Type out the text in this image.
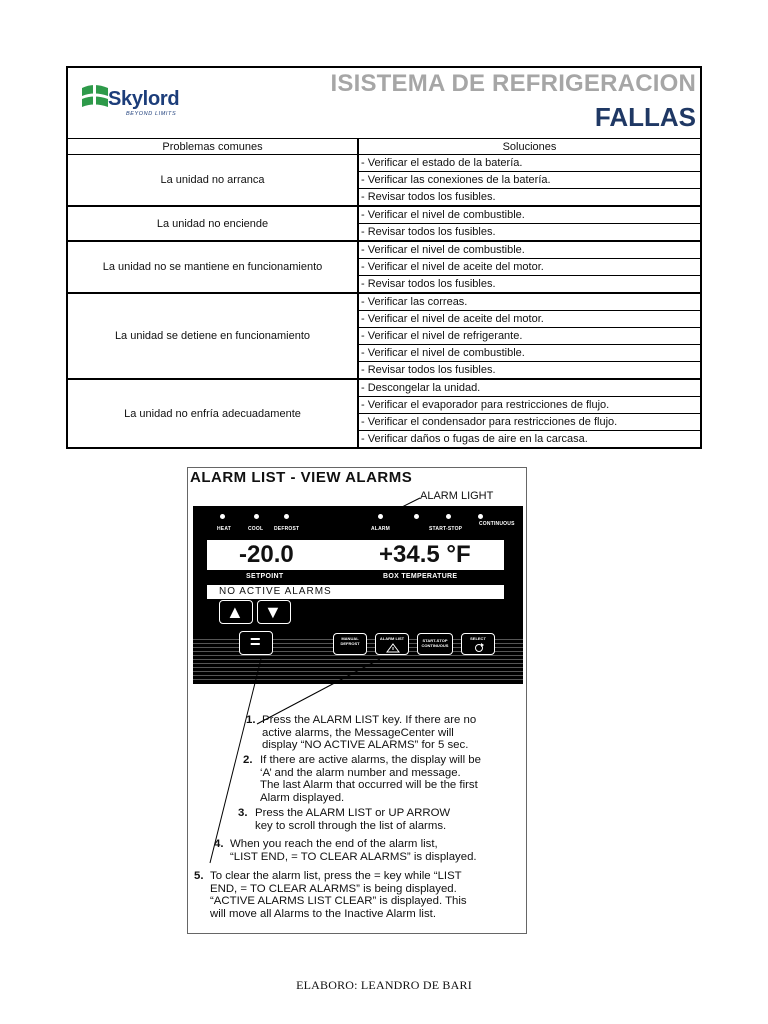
Skylord
BEYOND LIMITS
ISISTEMA DE REFRIGERACION
FALLAS
Problemas comunes	Soluciones
La unidad no arranca	- Verificar el estado de la batería.
- Verificar las conexiones de la batería.
- Revisar todos los fusibles.

La unidad no enciende	- Verificar el nivel de combustible.
- Revisar todos los fusibles.

La unidad no se mantiene en funcionamiento	- Verificar el nivel de combustible.
- Verificar el nivel de aceite del motor.
- Revisar todos los fusibles.

La unidad se detiene en funcionamiento	- Verificar las correas.
- Verificar el nivel de aceite del motor.
- Verificar el nivel de refrigerante.
- Verificar el nivel de combustible.
- Revisar todos los fusibles.

La unidad no enfría adecuadamente	- Descongelar la unidad.
- Verificar el evaporador para restricciones de flujo.
- Verificar el condensador para restricciones de flujo.
- Verificar daños o fugas de aire en la carcasa.
ALARM LIST - VIEW ALARMS
ALARM LIGHT
HEAT	COOL DEFROST	ALARM	START-STOP
CONTINUOUS
-20.0	+34.5 °F
SETPOINT	BOX TEMPERATURE
NO ACTIVE ALARMS
▲ ▼
=	MANUAL DEFROST
ALARM LIST	START-STOP CONTINUOUS
SELECT
1. Press the ALARM LIST key. If there are no
active alarms, the MessageCenter will
display “NO ACTIVE ALARMS” for 5 sec.
2. If there are active alarms, the display will be
‘A’ and the alarm number and message.
The last Alarm that occurred will be the first
Alarm displayed.
3. Press the ALARM LIST or UP ARROW
key to scroll through the list of alarms.
4. When you reach the end of the alarm list,
“LIST END, = TO CLEAR ALARMS” is displayed.
5. To clear the alarm list, press the = key while “LIST
END, = TO CLEAR ALARMS” is being displayed.
“ACTIVE ALARMS LIST CLEAR” is displayed. This
will move all Alarms to the Inactive Alarm list.
ELABORO: LEANDRO DE BARI
